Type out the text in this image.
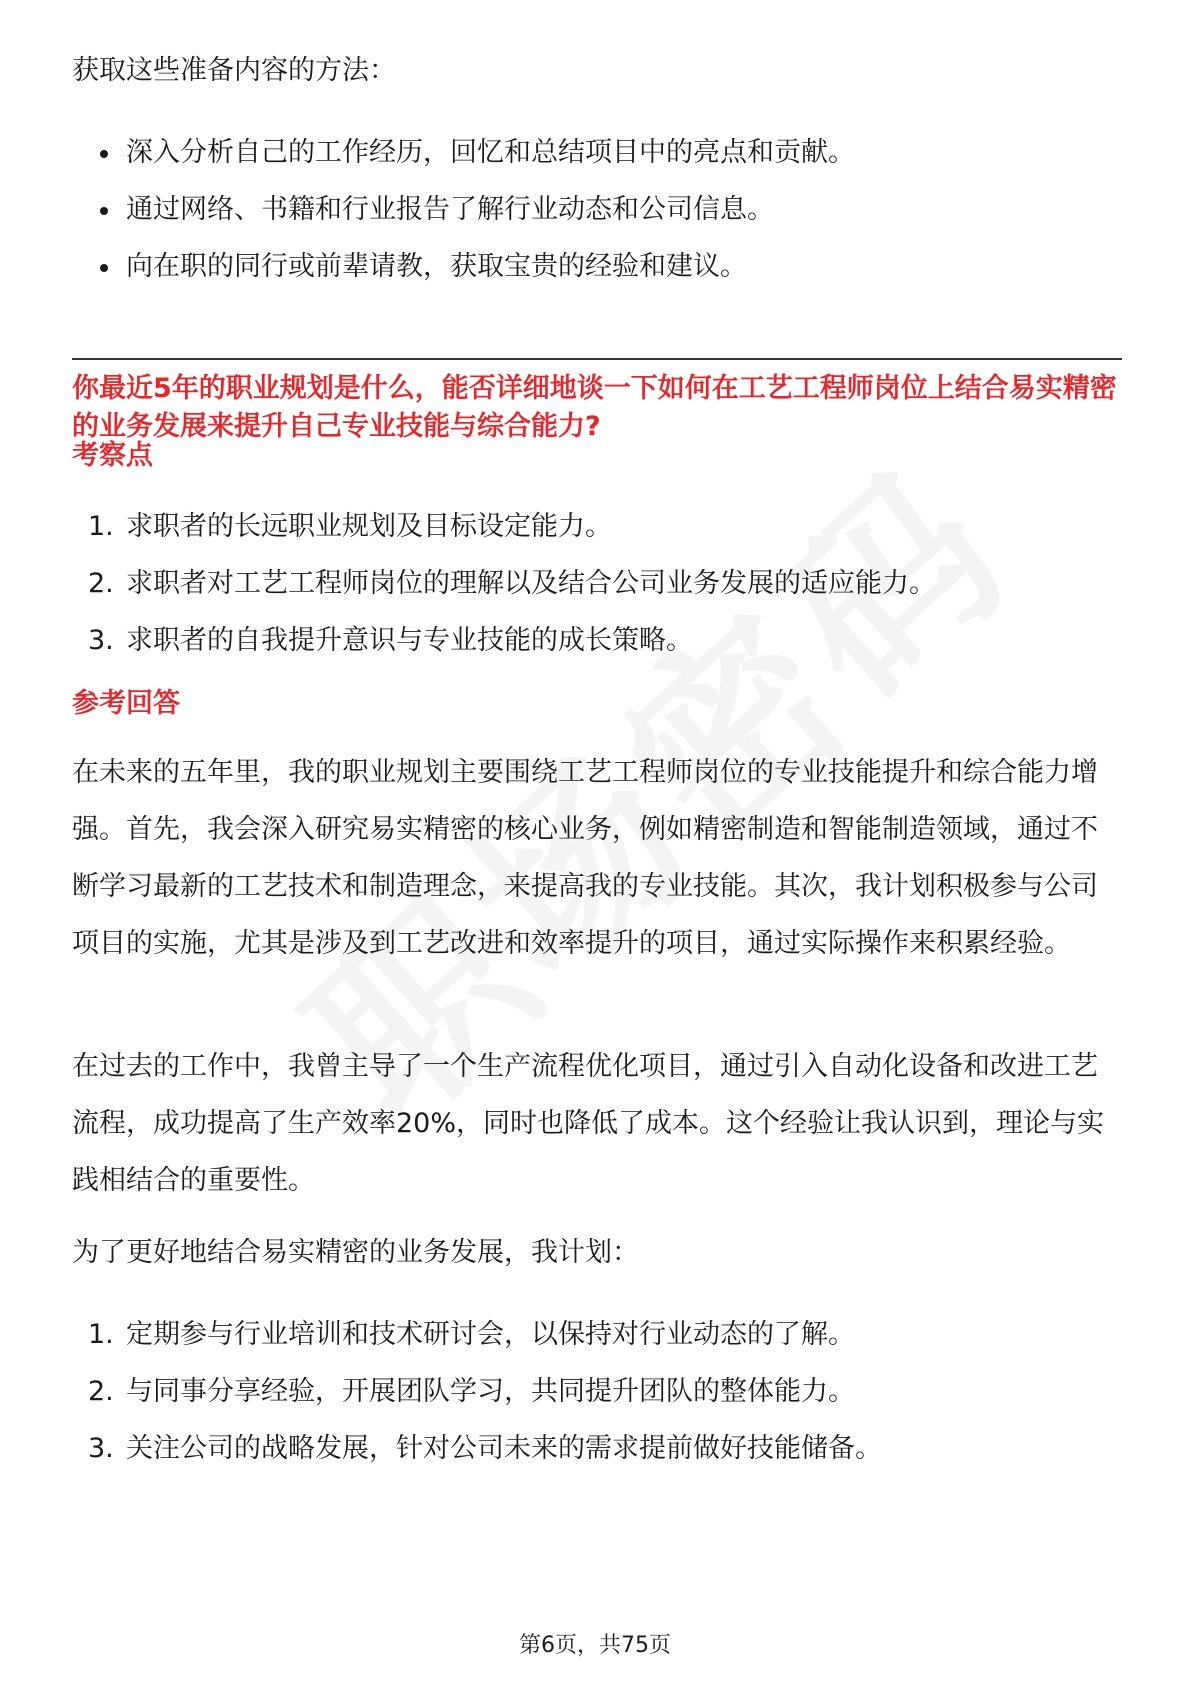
获取这些准备内容的方法：

深入分析自己的工作经历，回忆和总结项目中的亮点和贡献。
通过网络、书籍和行业报告了解行业动态和公司信息。
向在职的同行或前辈请教，获取宝贵的经验和建议。

你最近5年的职业规划是什么，能否详细地谈一下如何在工艺工程师岗位上结合易实精密的业务发展来提升自己专业技能与综合能力?

考察点

1. 求职者的长远职业规划及目标设定能力。
2. 求职者对工艺工程师岗位的理解以及结合公司业务发展的适应能力。
3. 求职者的自我提升意识与专业技能的成长策略。

参考回答

在未来的五年里，我的职业规划主要围绕工艺工程师岗位的专业技能提升和综合能力增强。首先，我会深入研究易实精密的核心业务，例如精密制造和智能制造领域，通过不断学习最新的工艺技术和制造理念，来提高我的专业技能。其次，我计划积极参与公司项目的实施，尤其是涉及到工艺改进和效率提升的项目，通过实际操作来积累经验。

在过去的工作中，我曾主导了一个生产流程优化项目，通过引入自动化设备和改进工艺流程，成功提高了生产效率20%，同时也降低了成本。这个经验让我认识到，理论与实践相结合的重要性。

为了更好地结合易实精密的业务发展，我计划：

1. 定期参与行业培训和技术研讨会，以保持对行业动态的了解。
2. 与同事分享经验，开展团队学习，共同提升团队的整体能力。
3. 关注公司的战略发展，针对公司未来的需求提前做好技能储备。
第6页，共75页
